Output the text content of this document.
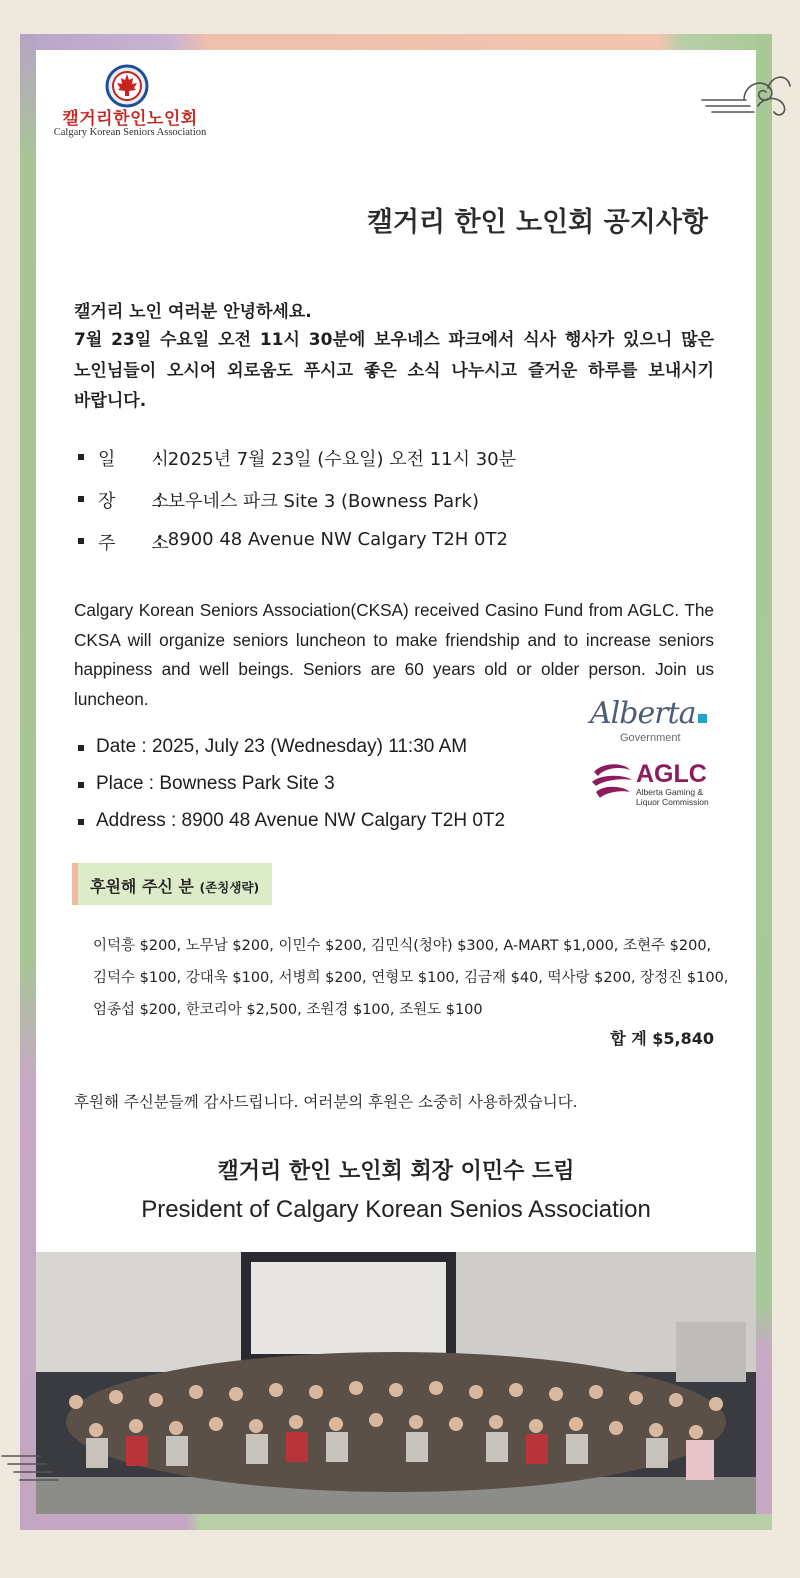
캘거리한인노인회
Calgary Korean Seniors Association
캘거리 한인 노인회 공지사항
캘거리 노인 여러분 안녕하세요.
7월 23일 수요일 오전 11시 30분에 보우네스 파크에서 식사 행사가 있으니 많은
노인님들이 오시어 외로움도 푸시고 좋은 소식 나누시고 즐거운 하루를 보내시기
바랍니다.
일　　시
: 2025년 7월 23일 (수요일) 오전 11시 30분
장　　소
: 보우네스 파크 Site 3 (Bowness Park)
주　　소
: 8900 48 Avenue NW Calgary T2H 0T2
Calgary Korean Seniors Association(CKSA) received Casino Fund from AGLC. The CKSA will organize seniors luncheon to make friendship and to increase seniors happiness and well beings. Seniors are 60 years old or older person. Join us luncheon.
Date : 2025, July 23 (Wednesday) 11:30 AM
Place : Bowness Park Site 3
Address : 8900 48 Avenue NW Calgary T2H 0T2
Alberta
Government
AGLC
Alberta Gaming & Liquor Commission
후원해 주신 분 (존칭생략)
이덕흥 $200, 노무남 $200, 이민수 $200, 김민식(청야) $300, A-MART $1,000, 조현주 $200,
김덕수 $100, 강대욱 $100, 서병희 $200, 연형모 $100, 김금재 $40, 떡사랑 $200, 장정진 $100,
엄종섭 $200, 한코리아 $2,500, 조원경 $100, 조원도 $100
합 계 $5,840
후원해 주신분들께 감사드립니다. 여러분의 후원은 소중히 사용하겠습니다.
캘거리 한인 노인회 회장 이민수 드림
President of Calgary Korean Senios Association
